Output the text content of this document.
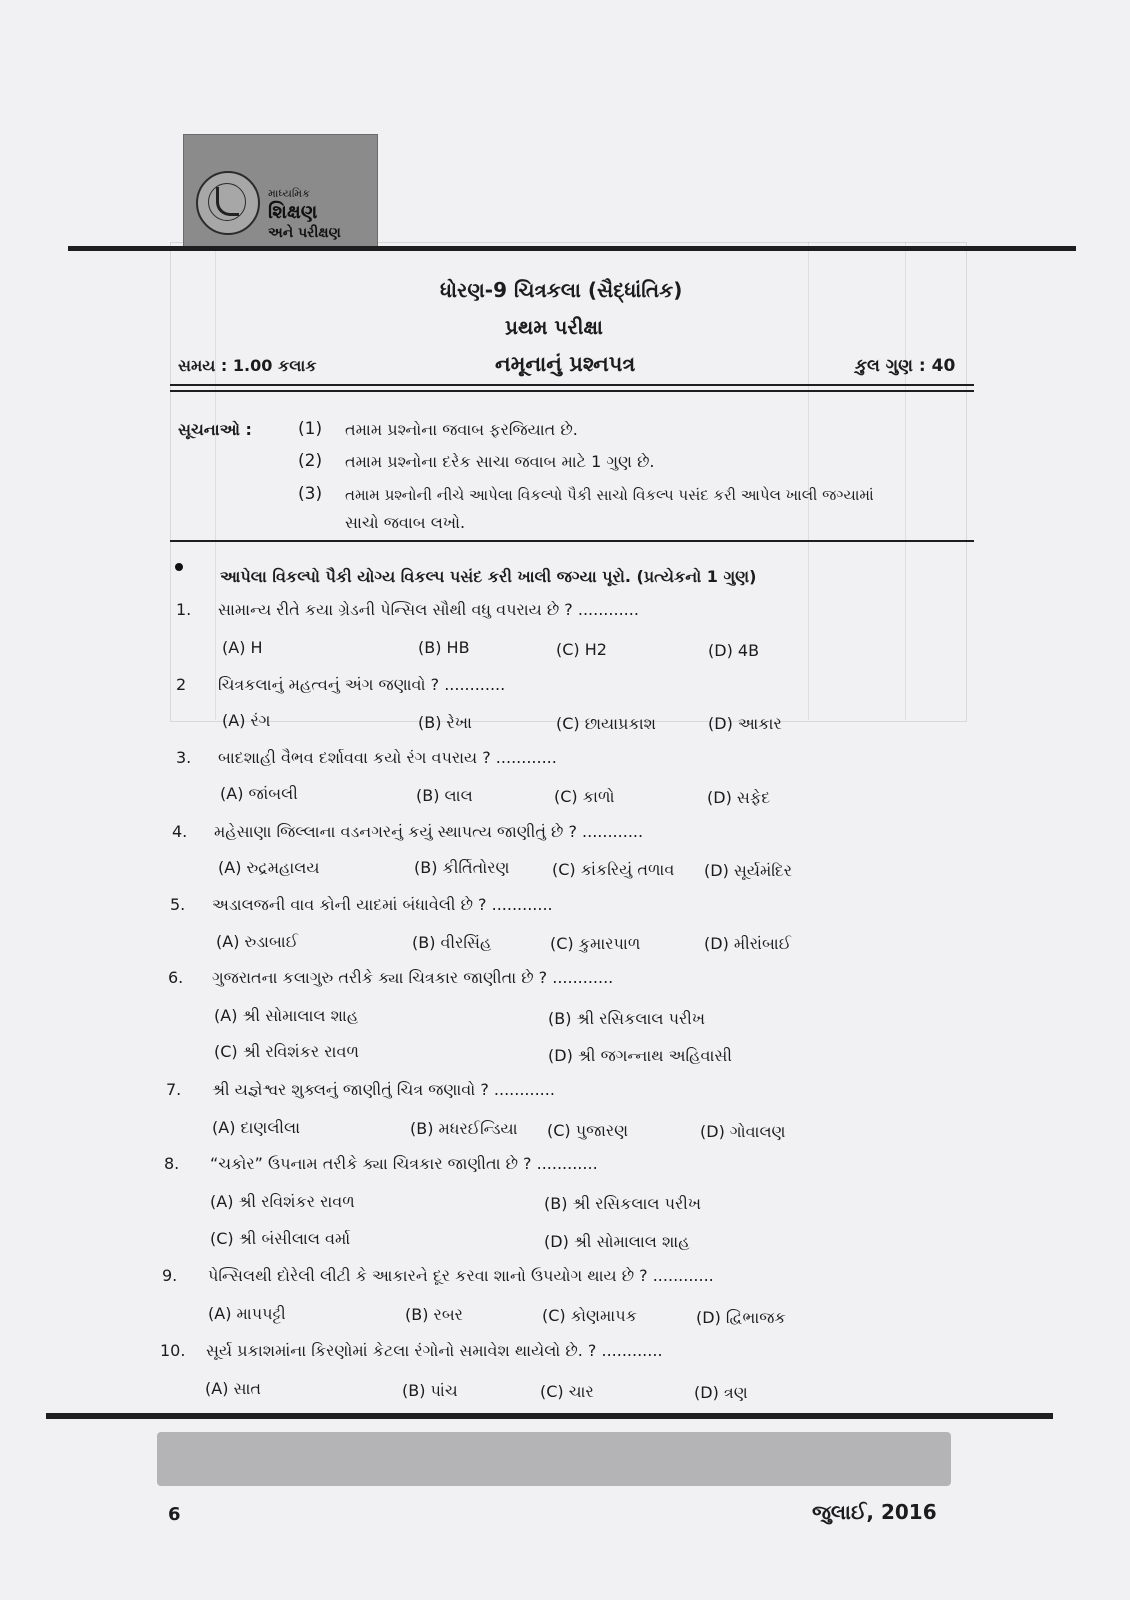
માધ્યમિક
શિક્ષણ
અને પરીક્ષણ
ધોરણ-9 ચિત્રકલા (સૈદ્ધાંતિક)
પ્રથમ પરીક્ષા
નમૂનાનું પ્રશ્નપત્ર
સમય : 1.00 કલાક	કુલ ગુણ : 40
સૂચનાઓ :	(1) તમામ પ્રશ્નોના જવાબ ફરજિયાત છે.
(2) તમામ પ્રશ્નોના દરેક સાચા જવાબ માટે 1 ગુણ છે.
(3) તમામ પ્રશ્નોની નીચે આપેલા વિકલ્પો પૈકી સાચો વિકલ્પ પસંદ કરી આપેલ ખાલી જગ્યામાં
સાચો જવાબ લખો.
આપેલા વિકલ્પો પૈકી યોગ્ય વિકલ્પ પસંદ કરી ખાલી જગ્યા પૂરો. (પ્રત્યેકનો 1 ગુણ)
1. સામાન્ય રીતે કયા ગ્રેડની પેન્સિલ સૌથી વધુ વપરાય છે ? ............
(A) H	(B) HB	(C) H2	(D) 4B
2 ચિત્રકલાનું મહત્વનું અંગ જણાવો ? ............
(A) રંગ	(B) રેખા	(C) છાયાપ્રકાશ	(D) આકાર
3. બાદશાહી વૈભવ દર્શાવવા કયો રંગ વપરાય ? ............
(A) જાંબલી	(B) લાલ	(C) કાળો	(D) સફેદ
4. મહેસાણા જિલ્લાના વડનગરનું કયું સ્થાપત્ય જાણીતું છે ? ............
(A) રુદ્રમહાલય	(B) કીર્તિતોરણ	(C) કાંકરિયું તળાવ (D) સૂર્યમંદિર
5. અડાલજની વાવ કોની યાદમાં બંધાવેલી છે ? ............
(A) રુડાબાઈ	(B) વીરસિંહ	(C) કુમારપાળ	(D) મીરાંબાઈ
6. ગુજરાતના કલાગુરુ તરીકે ક્યા ચિત્રકાર જાણીતા છે ? ............
(A) શ્રી સોમાલાલ શાહ	(B) શ્રી રસિકલાલ પરીખ
(C) શ્રી રવિશંકર રાવળ	(D) શ્રી જગન્નાથ અહિવાસી
7. શ્રી યજ્ઞેશ્વર શુક્લનું જાણીતું ચિત્ર જણાવો ? ............
(A) દાણલીલા	(B) મધરઈન્ડિયા (C) પુજારણ	(D) ગોવાલણ
8. “ચકોર” ઉપનામ તરીકે ક્યા ચિત્રકાર જાણીતા છે ? ............
(A) શ્રી રવિશંકર રાવળ	(B) શ્રી રસિકલાલ પરીખ
(C) શ્રી બંસીલાલ વર્મા	(D) શ્રી સોમાલાલ શાહ
9. પેન્સિલથી દોરેલી લીટી કે આકારને દૂર કરવા શાનો ઉપયોગ થાય છે ? ............
(A) માપપટ્ટી	(B) રબર	(C) કોણમાપક	(D) દ્વિભાજક
10. સૂર્ય પ્રકાશમાંના કિરણોમાં કેટલા રંગોનો સમાવેશ થાયેલો છે. ? ............
(A) સાત	(B) પાંચ	(C) ચાર	(D) ત્રણ
6	જુલાઈ, 2016
